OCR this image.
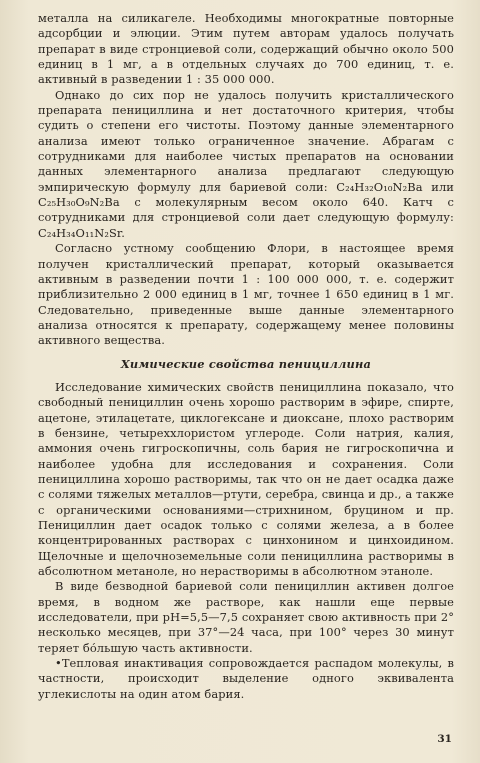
металла на силикагеле. Необходимы многократные повторные адсорбции и элюции. Этим путем авторам удалось получать препарат в виде стронциевой соли, содержащий обычно около 500 единиц в 1 мг, а в отдельных случаях до 700 единиц, т. е. активный в разведении 1 : 35 000 000.

Однако до сих пор не удалось получить кристаллического препарата пенициллина и нет достаточного критерия, чтобы судить о степени его чистоты. Поэтому данные элементарного анализа имеют только ограниченное значение. Абрагам с сотрудниками для наиболее чистых препаратов на основании данных элементарного анализа предлагают следующую эмпирическую формулу для бариевой соли: C₂₄H₃₂O₁₀N₂Ba или C₂₅H₃₀O₉N₂Ba с молекулярным весом около 640. Катч с сотрудниками для стронциевой соли дает следующую формулу: C₂₄H₃₄O₁₁N₂Sr.

Согласно устному сообщению Флори, в настоящее время получен кристаллический препарат, который оказывается активным в разведении почти 1 : 100 000 000, т. е. содержит приблизительно 2 000 единиц в 1 мг, точнее 1 650 единиц в 1 мг. Следовательно, приведенные выше данные элементарного анализа относятся к препарату, содержащему менее половины активного вещества.

Химические свойства пенициллина

Исследование химических свойств пенициллина показало, что свободный пенициллин очень хорошо растворим в эфире, спирте, ацетоне, этилацетате, циклогексане и диоксане, плохо растворим в бензине, четыреххлористом углероде. Соли натрия, калия, аммония очень гигроскопичны, соль бария не гигроскопична и наиболее удобна для исследования и сохранения. Соли пенициллина хорошо растворимы, так что он не дает осадка даже с солями тяжелых металлов—ртути, серебра, свинца и др., а также с органическими основаниями—стрихнином, бруцином и пр. Пенициллин дает осадок только с солями железа, а в более концентрированных растворах с цинхонином и цинхоидином. Щелочные и щелочноземельные соли пенициллина растворимы в абсолютном метаноле, но нерастворимы в абсолютном этаноле.

В виде безводной бариевой соли пенициллин активен долгое время, в водном же растворе, как нашли еще первые исследователи, при pH=5,5—7,5 сохраняет свою активность при 2° несколько месяцев, при 37°—24 часа, при 100° через 30 минут теряет бо́льшую часть активности.

•Тепловая инактивация сопровождается распадом молекулы, в частности, происходит выделение одного эквивалента углекислоты на один атом бария.

31
